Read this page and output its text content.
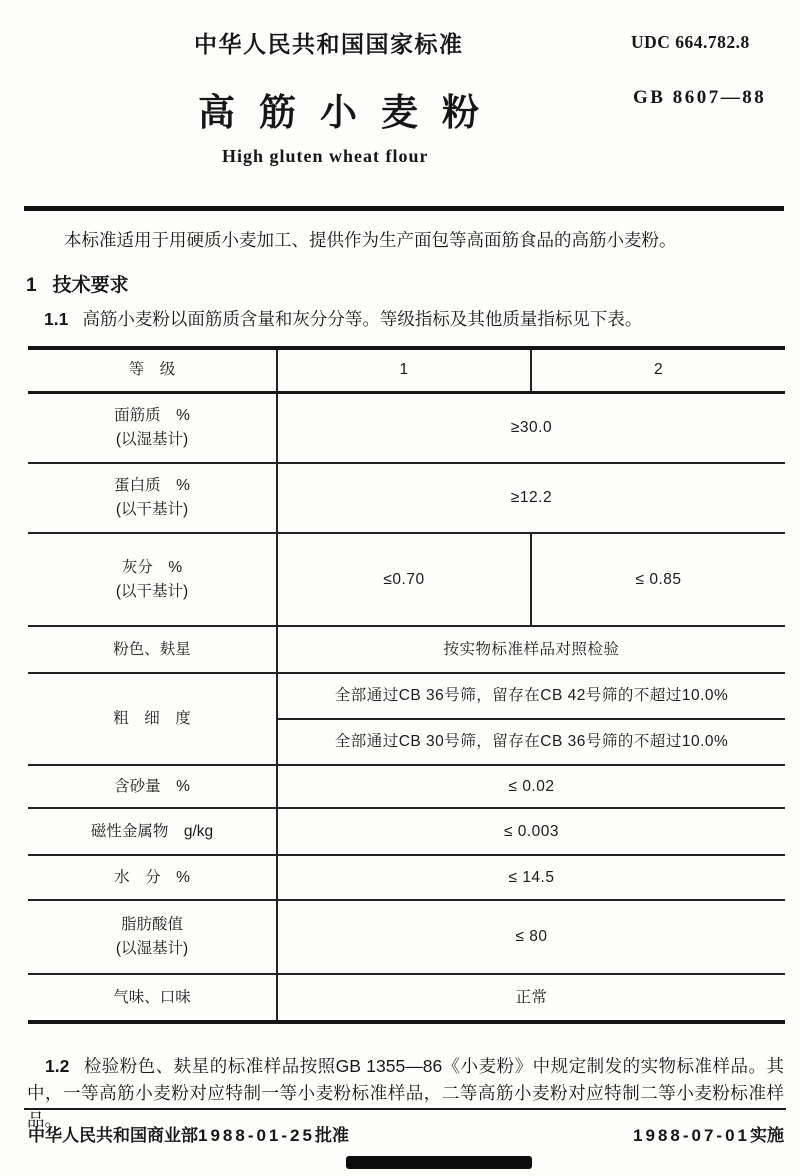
中华人民共和国国家标准	UDC 664.782.8
高筋小麦粉	GB 8607—88
High gluten wheat flour
本标准适用于用硬质小麦加工、提供作为生产面包等高面筋食品的高筋小麦粉。
1 技术要求
1.1 高筋小麦粉以面筋质含量和灰分分等。等级指标及其他质量指标见下表。
等　级	1	2

面筋质　%
(以湿基计)	≥30.0	

蛋白质　%
(以干基计)	≥12.2	

灰分　%
(以干基计)	≤0.70	≤ 0.85
粉色、麸星	按实物标准样品对照检验	
粗　细　度	全部通过CB 36号筛，留存在CB 42号筛的不超过10.0%	
	全部通过CB 30号筛，留存在CB 36号筛的不超过10.0%	
含砂量　%	≤ 0.02	
磁性金属物　g/kg	≤ 0.003	
水　分　%	≤ 14.5	

脂肪酸值
(以湿基计)	≤ 80	
气味、口味	正常	
1.2 检验粉色、麸星的标准样品按照GB 1355—86《小麦粉》中规定制发的实物标准样品。其中，一等高筋小麦粉对应特制一等小麦粉标准样品，二等高筋小麦粉对应特制二等小麦粉标准样品。
中华人民共和国商业部1988-01-25批准	1988-07-01实施
